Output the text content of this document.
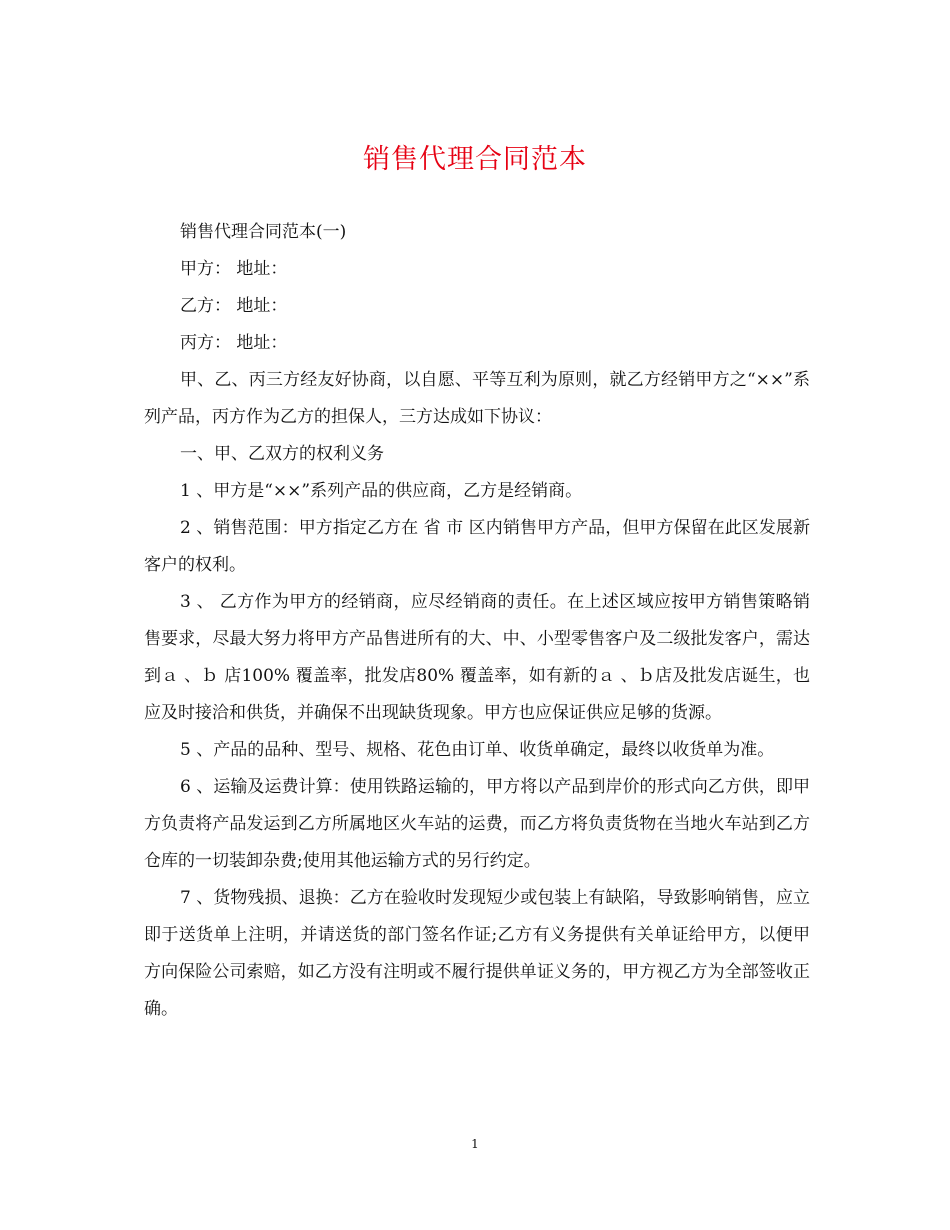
销售代理合同范本

销售代理合同范本(一)

甲方： 地址：

乙方： 地址：

丙方： 地址：

甲、乙、丙三方经友好协商，以自愿、平等互利为原则，就乙方经销甲方之“××”系列产品，丙方作为乙方的担保人，三方达成如下协议：

一、甲、乙双方的权利义务

1 、甲方是“××”系列产品的供应商，乙方是经销商。

2 、销售范围：甲方指定乙方在 省 市 区内销售甲方产品，但甲方保留在此区发展新客户的权利。

3 、 乙方作为甲方的经销商，应尽经销商的责任。在上述区域应按甲方销售策略销售要求，尽最大努力将甲方产品售进所有的大、中、小型零售客户及二级批发客户，需达到ａ 、ｂ 店100% 覆盖率，批发店80% 覆盖率，如有新的ａ 、ｂ店及批发店诞生，也应及时接洽和供货，并确保不出现缺货现象。甲方也应保证供应足够的货源。

5 、产品的品种、型号、规格、花色由订单、收货单确定，最终以收货单为准。

6 、运输及运费计算：使用铁路运输的，甲方将以产品到岸价的形式向乙方供，即甲方负责将产品发运到乙方所属地区火车站的运费，而乙方将负责货物在当地火车站到乙方仓库的一切装卸杂费;使用其他运输方式的另行约定。

7 、货物残损、退换：乙方在验收时发现短少或包装上有缺陷，导致影响销售，应立即于送货单上注明，并请送货的部门签名作证;乙方有义务提供有关单证给甲方，以便甲方向保险公司索赔，如乙方没有注明或不履行提供单证义务的，甲方视乙方为全部签收正确。

1
